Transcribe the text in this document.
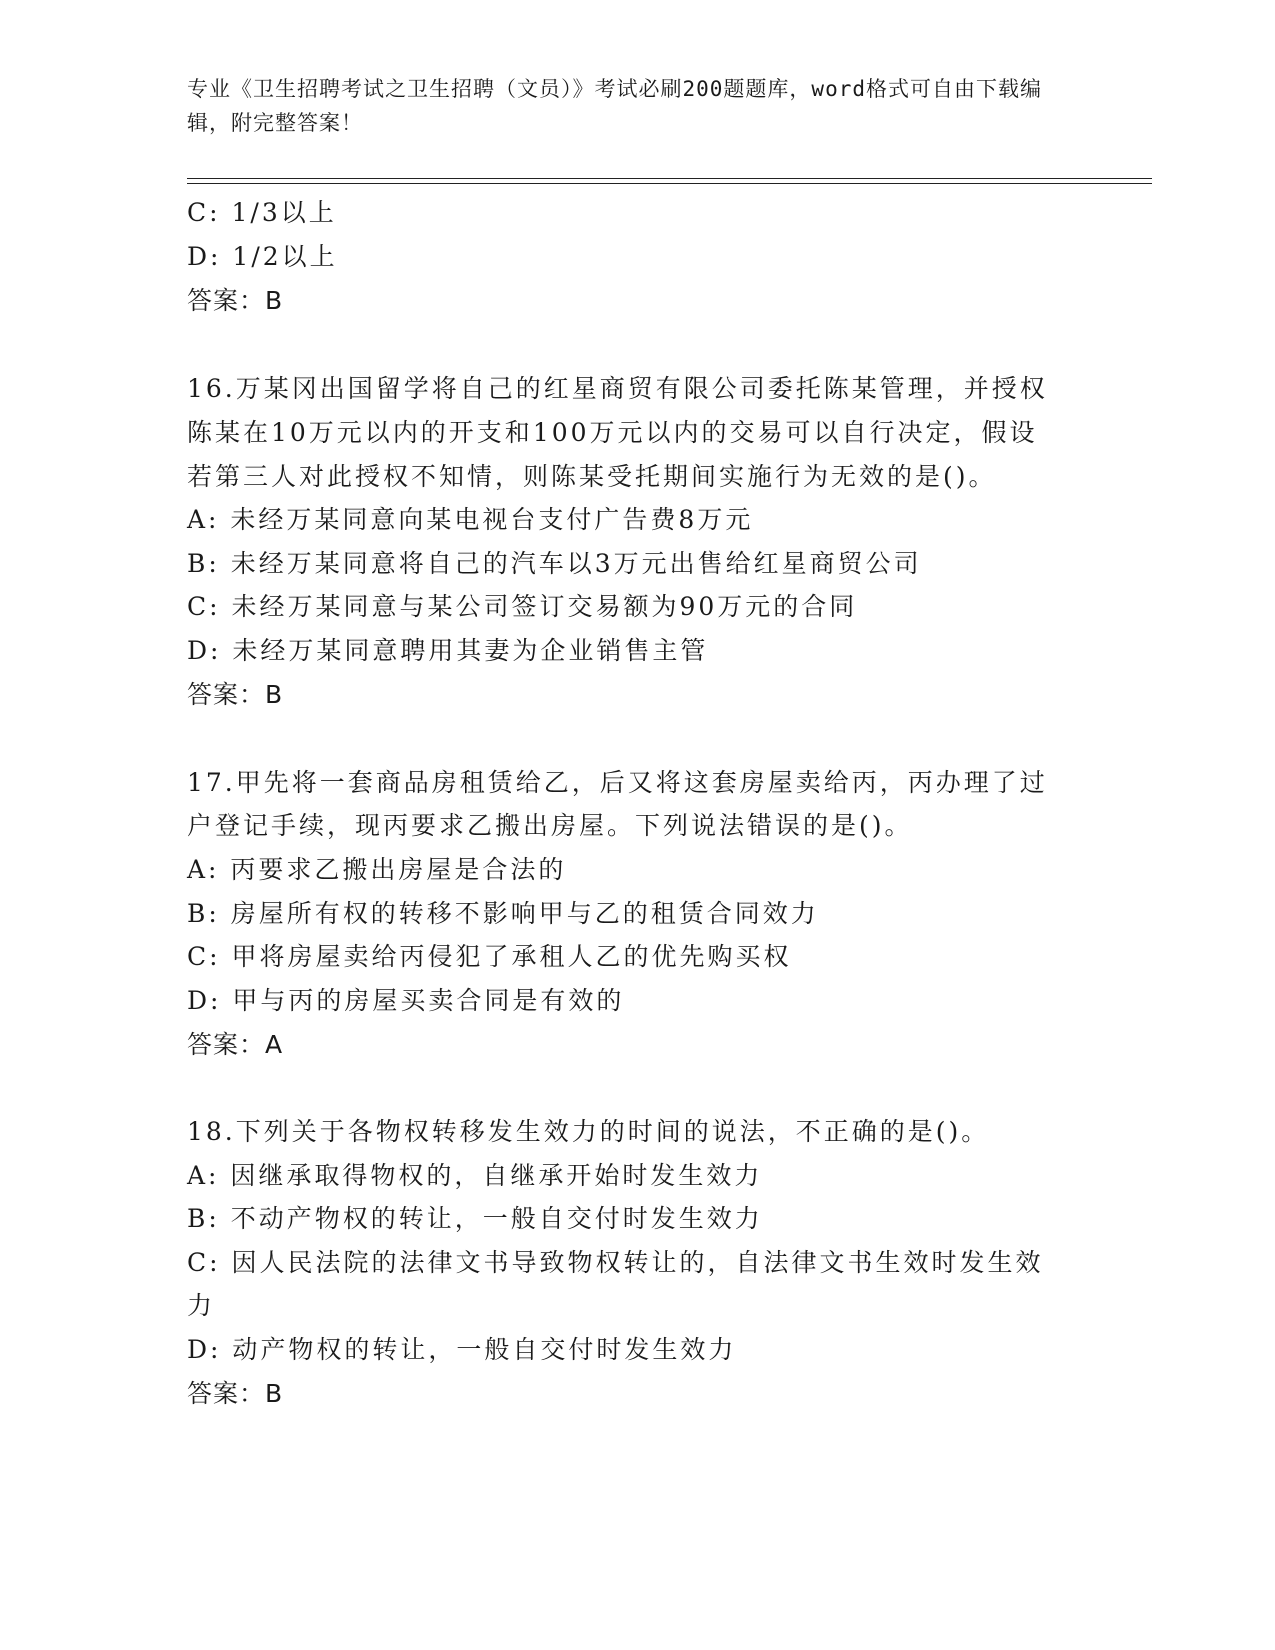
专业《卫生招聘考试之卫生招聘（文员）》考试必刷200题题库，word格式可自由下载编辑，附完整答案！
C: 1/3以上
D: 1/2以上
答案：B
16.万某冈出国留学将自己的红星商贸有限公司委托陈某管理，并授权
陈某在10万元以内的开支和100万元以内的交易可以自行决定，假设
若第三人对此授权不知情，则陈某受托期间实施行为无效的是()。
A: 未经万某同意向某电视台支付广告费8万元
B: 未经万某同意将自己的汽车以3万元出售给红星商贸公司
C: 未经万某同意与某公司签订交易额为90万元的合同
D: 未经万某同意聘用其妻为企业销售主管
答案：B
17.甲先将一套商品房租赁给乙，后又将这套房屋卖给丙，丙办理了过
户登记手续，现丙要求乙搬出房屋。下列说法错误的是()。
A: 丙要求乙搬出房屋是合法的
B: 房屋所有权的转移不影响甲与乙的租赁合同效力
C: 甲将房屋卖给丙侵犯了承租人乙的优先购买权
D: 甲与丙的房屋买卖合同是有效的
答案：A
18.下列关于各物权转移发生效力的时间的说法，不正确的是()。
A: 因继承取得物权的，自继承开始时发生效力
B: 不动产物权的转让，一般自交付时发生效力
C: 因人民法院的法律文书导致物权转让的，自法律文书生效时发生效
力
D: 动产物权的转让，一般自交付时发生效力
答案：B
